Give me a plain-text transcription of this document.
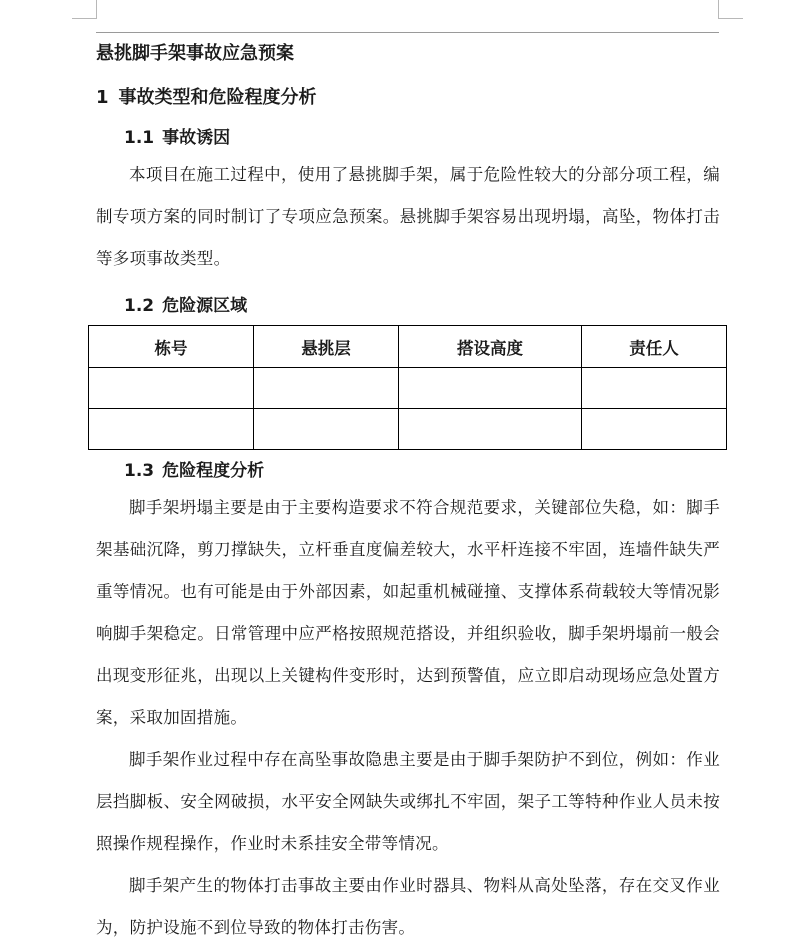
悬挑脚手架事故应急预案
1 事故类型和危险程度分析
1.1 事故诱因

本项目在施工过程中，使用了悬挑脚手架，属于危险性较大的分部分项工程，编制专项方案的同时制订了专项应急预案。悬挑脚手架容易出现坍塌，高坠，物体打击等多项事故类型。

1.2 危险源区域
栋号	悬挑层	搭设高度	责任人

1.3 危险程度分析

脚手架坍塌主要是由于主要构造要求不符合规范要求，关键部位失稳，如：脚手架基础沉降，剪刀撑缺失，立杆垂直度偏差较大，水平杆连接不牢固，连墙件缺失严重等情况。也有可能是由于外部因素，如起重机械碰撞、支撑体系荷载较大等情况影响脚手架稳定。日常管理中应严格按照规范搭设，并组织验收，脚手架坍塌前一般会出现变形征兆，出现以上关键构件变形时，达到预警值，应立即启动现场应急处置方案，采取加固措施。

脚手架作业过程中存在高坠事故隐患主要是由于脚手架防护不到位，例如：作业层挡脚板、安全网破损，水平安全网缺失或绑扎不牢固，架子工等特种作业人员未按照操作规程操作，作业时未系挂安全带等情况。

脚手架产生的物体打击事故主要由作业时器具、物料从高处坠落，存在交叉作业为，防护设施不到位导致的物体打击伤害。
